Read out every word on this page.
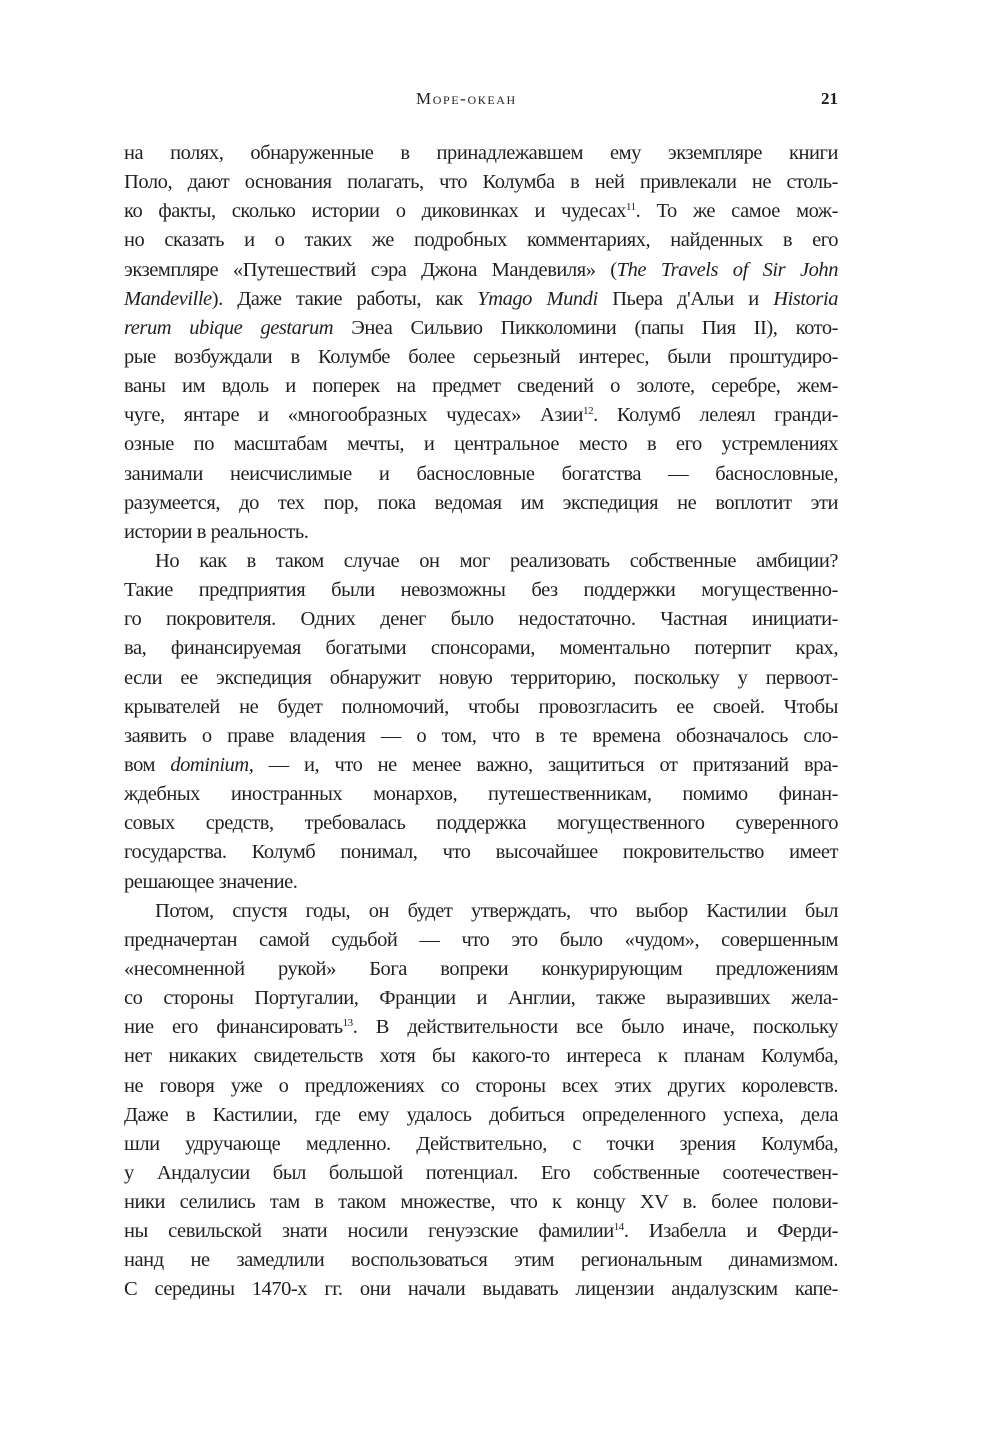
Море-океан	21
на полях, обнаруженные в принадлежавшем ему экземпляре книги
Поло, дают основания полагать, что Колумба в ней привлекали не столь-
ко факты, сколько истории о диковинках и чудесах$^{11}$. То же самое мож-
но сказать и о таких же подробных комментариях, найденных в его
экземпляре «Путешествий сэра Джона Мандевиля» (The Travels of Sir John
Mandeville). Даже такие работы, как Ymago Mundi Пьера д'Альи и Historia
rerum ubique gestarum Энеа Сильвио Пикколомини (папы Пия II), кото-
рые возбуждали в Колумбе более серьезный интерес, были проштудиро-
ваны им вдоль и поперек на предмет сведений о золоте, серебре, жем-
чуге, янтаре и «многообразных чудесах» Азии$^{12}$. Колумб лелеял гранди-
озные по масштабам мечты, и центральное место в его устремлениях
занимали неисчислимые и баснословные богатства — баснословные,
разумеется, до тех пор, пока ведомая им экспедиция не воплотит эти
истории в реальность.
Но как в таком случае он мог реализовать собственные амбиции?
Такие предприятия были невозможны без поддержки могущественно-
го покровителя. Одних денег было недостаточно. Частная инициати-
ва, финансируемая богатыми спонсорами, моментально потерпит крах,
если ее экспедиция обнаружит новую территорию, поскольку у первоот-
крывателей не будет полномочий, чтобы провозгласить ее своей. Чтобы
заявить о праве владения — о том, что в те времена обозначалось сло-
вом dominium, — и, что не менее важно, защититься от притязаний вра-
ждебных иностранных монархов, путешественникам, помимо финан-
совых средств, требовалась поддержка могущественного суверенного
государства. Колумб понимал, что высочайшее покровительство имеет
решающее значение.
Потом, спустя годы, он будет утверждать, что выбор Кастилии был
предначертан самой судьбой — что это было «чудом», совершенным
«несомненной рукой» Бога вопреки конкурирующим предложениям
со стороны Португалии, Франции и Англии, также выразивших жела-
ние его финансировать$^{13}$. В действительности все было иначе, поскольку
нет никаких свидетельств хотя бы какого-то интереса к планам Колумба,
не говоря уже о предложениях со стороны всех этих других королевств.
Даже в Кастилии, где ему удалось добиться определенного успеха, дела
шли удручающе медленно. Действительно, с точки зрения Колумба,
у Андалусии был большой потенциал. Его собственные соотечествен-
ники селились там в таком множестве, что к концу XV в. более полови-
ны севильской знати носили генуэзские фамилии$^{14}$. Изабелла и Ферди-
нанд не замедлили воспользоваться этим региональным динамизмом.
С середины 1470-х гг. они начали выдавать лицензии андалузским капе-
